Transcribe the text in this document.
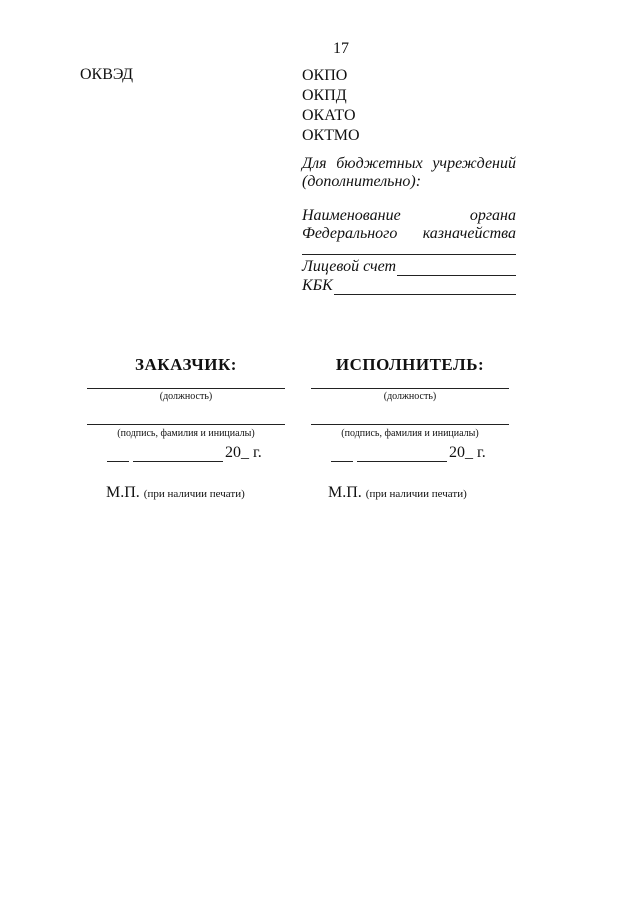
17
ОКВЭД	ОКПО
ОКПД
ОКАТО
ОКТМО
Для бюджетных учреждений
(дополнительно):
Наименование	органа
Федерального казначейства
Лицевой счет
КБК
ЗАКАЗЧИК:
(должность)
(подпись, фамилия и инициалы)
20_ г.
М.П. (при наличии печати)
ИСПОЛНИТЕЛЬ:
(должность)
(подпись, фамилия и инициалы)
20_ г.
М.П. (при наличии печати)
